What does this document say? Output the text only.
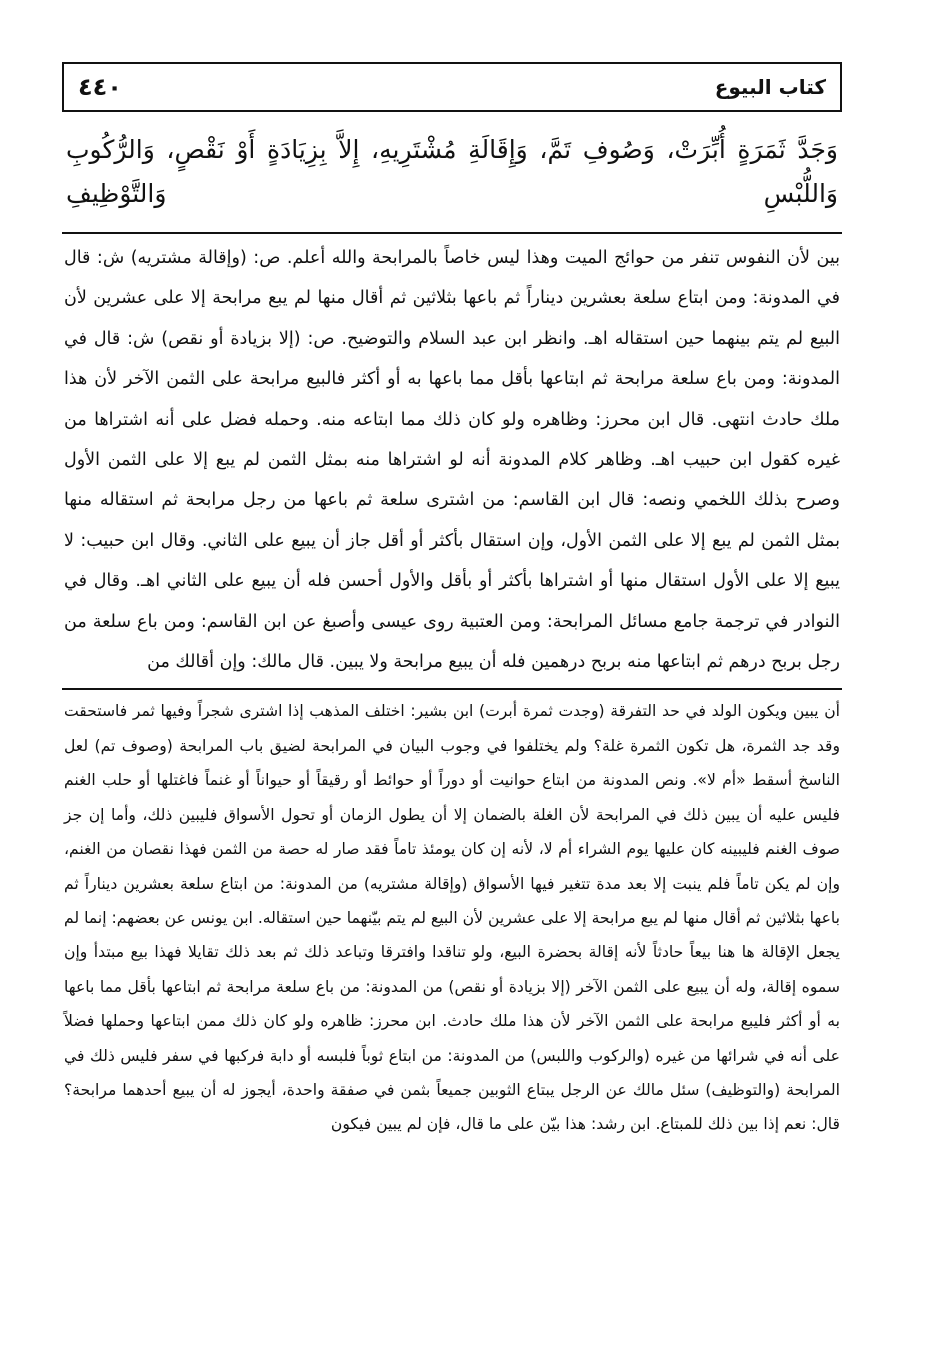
٤٤٠	كتاب البيوع

وَجَدَّ ثَمَرَةٍ أُبِّرَتْ، وَصُوفِ تَمَّ، وَإِقَالَةِ مُشْتَرِيهِ، إِلاَّ بِزِيَادَةٍ أَوْ نَقْصٍ، وَالرُّكُوبِ وَاللُّبْسِ وَالتَّوْظِيفِ

بين لأن النفوس تنفر من حوائج الميت وهذا ليس خاصاً بالمرابحة والله أعلم. ص: (وإقالة مشتريه) ش: قال في المدونة: ومن ابتاع سلعة بعشرين ديناراً ثم باعها بثلاثين ثم أقال منها لم يبع مرابحة إلا على عشرين لأن البيع لم يتم بينهما حين استقاله اهـ. وانظر ابن عبد السلام والتوضيح. ص: (إلا بزيادة أو نقص) ش: قال في المدونة: ومن باع سلعة مرابحة ثم ابتاعها بأقل مما باعها به أو أكثر فالبيع مرابحة على الثمن الآخر لأن هذا ملك حادث انتهى. قال ابن محرز: وظاهره ولو كان ذلك مما ابتاعه منه. وحمله فضل على أنه اشتراها من غيره كقول ابن حبيب اهـ. وظاهر كلام المدونة أنه لو اشتراها منه بمثل الثمن لم يبع إلا على الثمن الأول وصرح بذلك اللخمي ونصه: قال ابن القاسم: من اشترى سلعة ثم باعها من رجل مرابحة ثم استقاله منها بمثل الثمن لم يبع إلا على الثمن الأول، وإن استقال بأكثر أو أقل جاز أن يبيع على الثاني. وقال ابن حبيب: لا يبيع إلا على الأول استقال منها أو اشتراها بأكثر أو بأقل والأول أحسن فله أن يبيع على الثاني اهـ. وقال في النوادر في ترجمة جامع مسائل المرابحة: ومن العتبية روى عيسى وأصبغ عن ابن القاسم: ومن باع سلعة من رجل بربح درهم ثم ابتاعها منه بربح درهمين فله أن يبيع مرابحة ولا يبين. قال مالك: وإن أقالك من

أن يبين ويكون الولد في حد التفرقة (وجدت ثمرة أبرت) ابن بشير: اختلف المذهب إذا اشترى شجراً وفيها ثمر فاستحقت وقد جد الثمرة، هل تكون الثمرة غلة؟ ولم يختلفوا في وجوب البيان في المرابحة لضيق باب المرابحة (وصوف تم) لعل الناسخ أسقط «أم لا». ونص المدونة من ابتاع حوانيت أو دوراً أو حوائط أو رقيقاً أو حيواناً أو غنماً فاغتلها أو حلب الغنم فليس عليه أن يبين ذلك في المرابحة لأن الغلة بالضمان إلا أن يطول الزمان أو تحول الأسواق فليبين ذلك، وأما إن جز صوف الغنم فليبينه كان عليها يوم الشراء أم لا، لأنه إن كان يومئذ تاماً فقد صار له حصة من الثمن فهذا نقصان من الغنم، وإن لم يكن تاماً فلم ينبت إلا بعد مدة تتغير فيها الأسواق (وإقالة مشتريه) من المدونة: من ابتاع سلعة بعشرين ديناراً ثم باعها بثلاثين ثم أقال منها لم يبع مرابحة إلا على عشرين لأن البيع لم يتم بيّنهما حين استقاله. ابن يونس عن بعضهم: إنما لم يجعل الإقالة ها هنا بيعاً حادثاً لأنه إقالة بحضرة البيع، ولو تناقدا وافترقا وتباعد ذلك ثم بعد ذلك تقايلا فهذا بيع مبتدأ وإن سموه إقالة، وله أن يبيع على الثمن الآخر (إلا بزيادة أو نقص) من المدونة: من باع سلعة مرابحة ثم ابتاعها بأقل مما باعها به أو أكثر فليبع مرابحة على الثمن الآخر لأن هذا ملك حادث. ابن محرز: ظاهره ولو كان ذلك ممن ابتاعها وحملها فضلاً على أنه في شرائها من غيره (والركوب واللبس) من المدونة: من ابتاع ثوباً فلبسه أو دابة فركبها في سفر فليس ذلك في المرابحة (والتوظيف) سئل مالك عن الرجل يبتاع الثوبين جميعاً بثمن في صفقة واحدة، أيجوز له أن يبيع أحدهما مرابحة؟ قال: نعم إذا بين ذلك للمبتاع. ابن رشد: هذا بيّن على ما قال، فإن لم يبين فيكون
